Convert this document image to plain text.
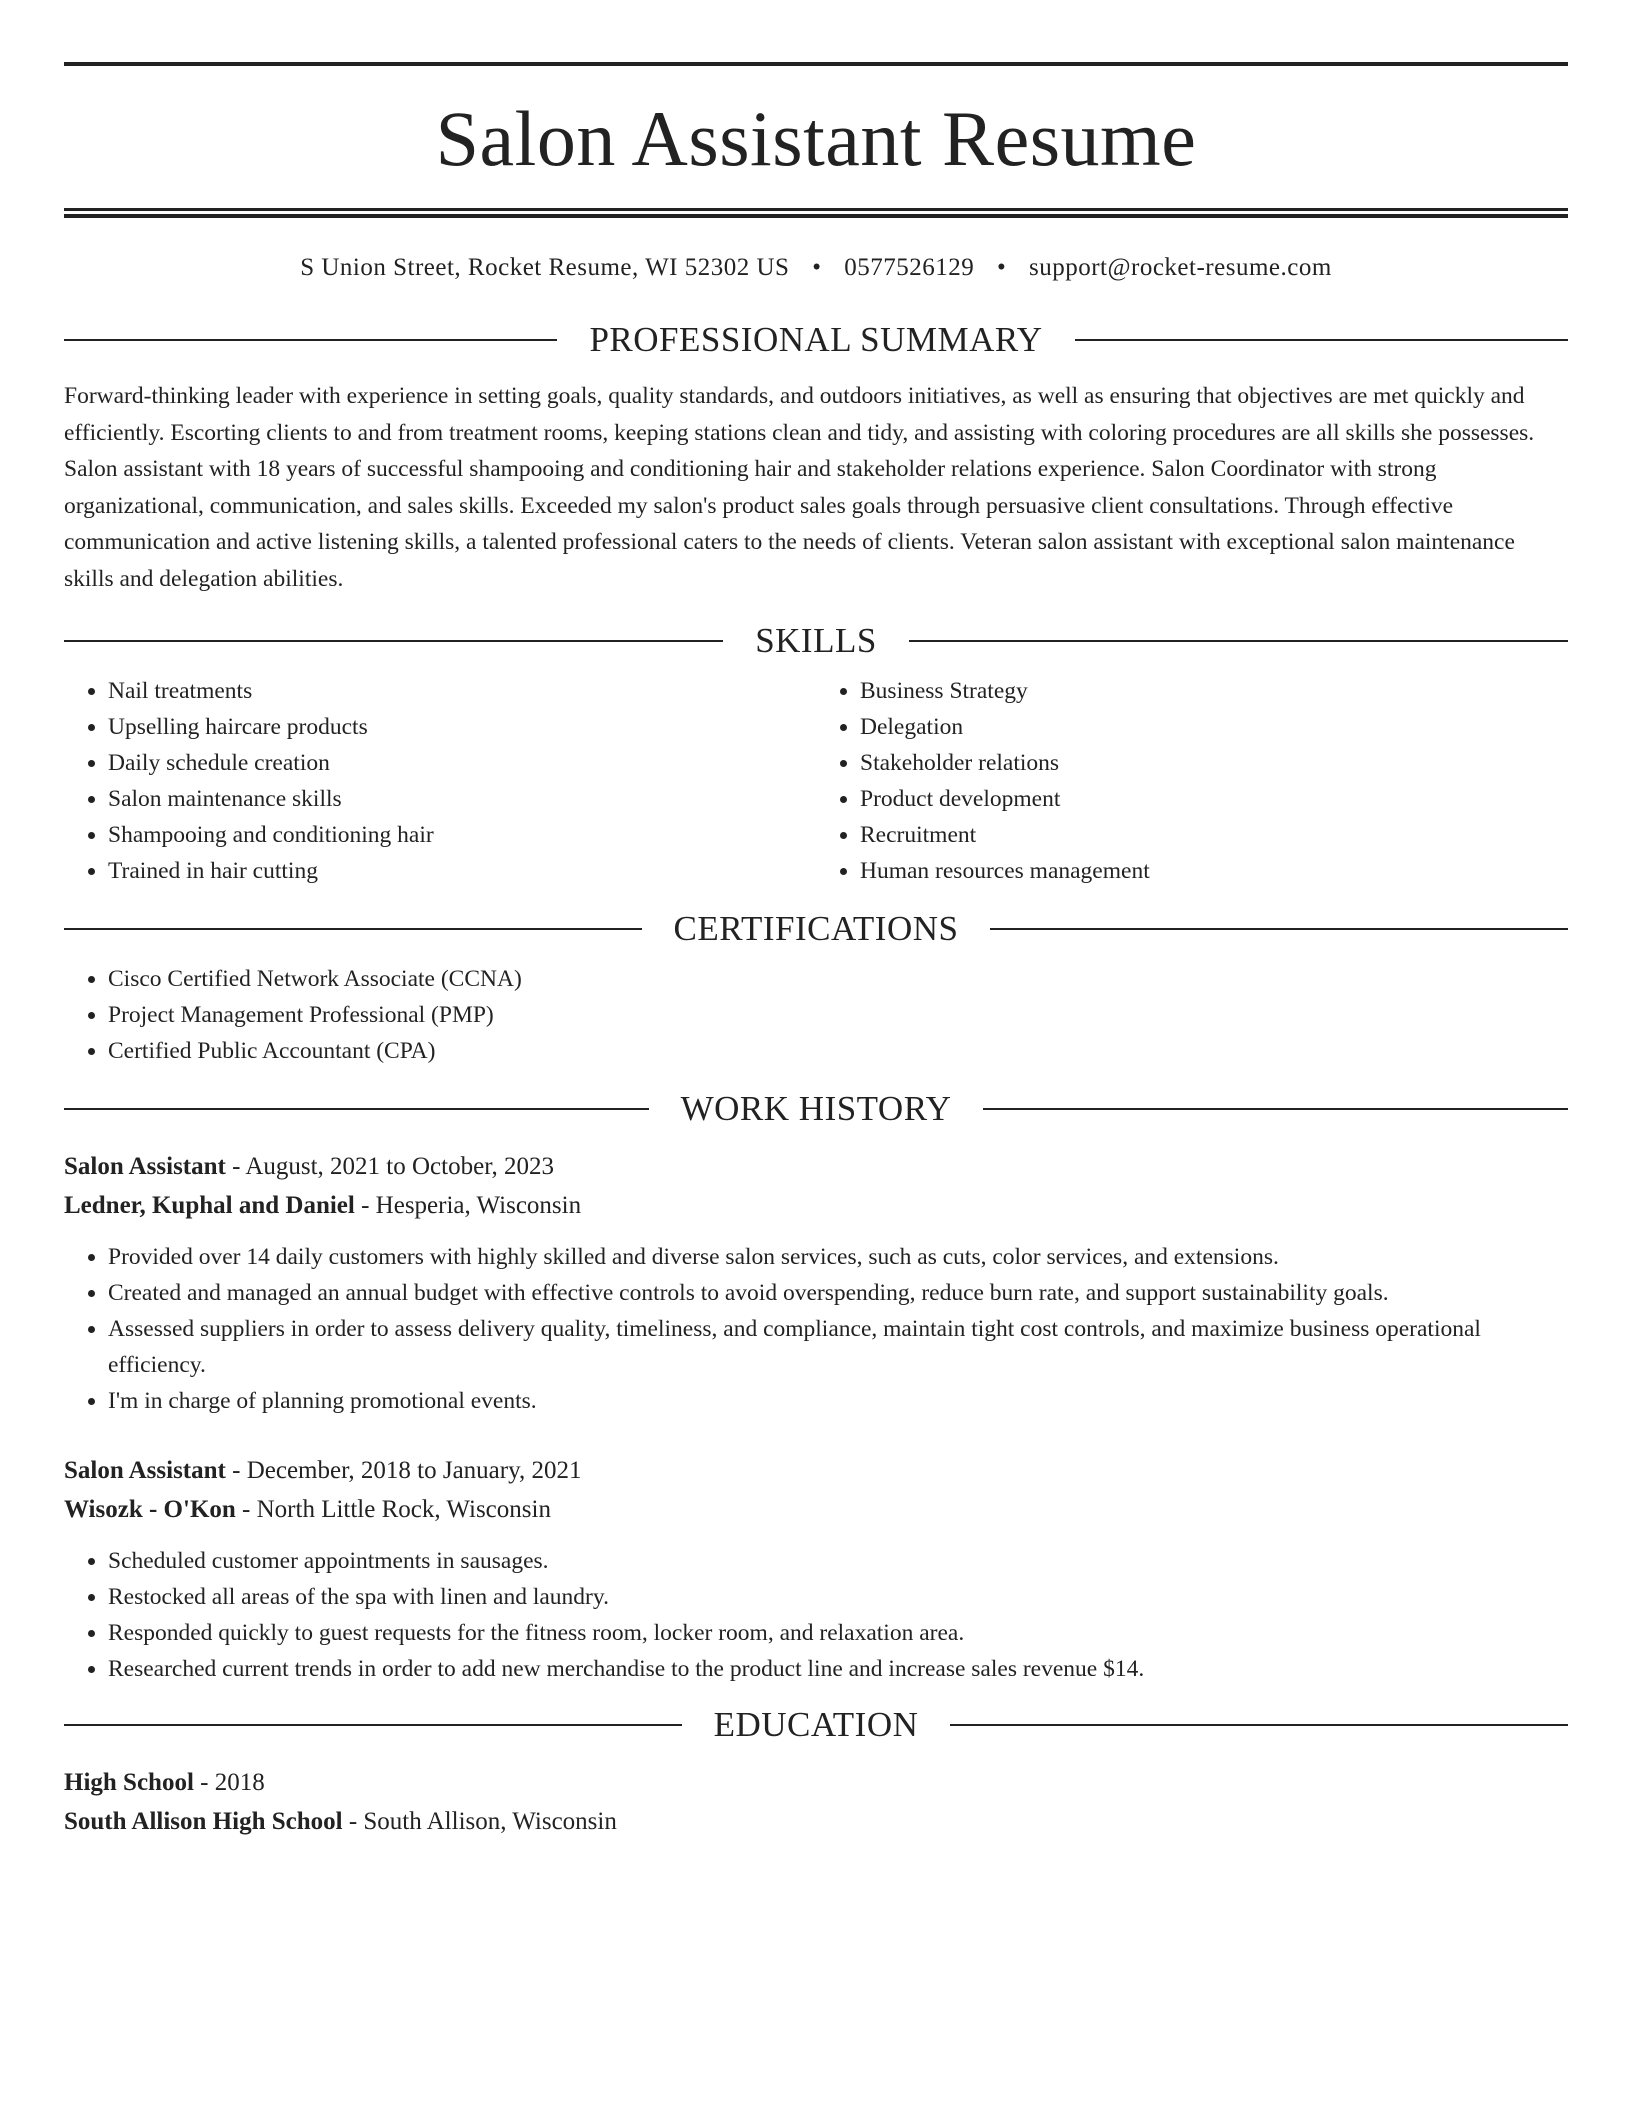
Salon Assistant Resume
S Union Street, Rocket Resume, WI 52302 US • 0577526129 • support@rocket-resume.com
PROFESSIONAL SUMMARY

Forward-thinking leader with experience in setting goals, quality standards, and outdoors initiatives, as well as ensuring that objectives are met quickly and efficiently. Escorting clients to and from treatment rooms, keeping stations clean and tidy, and assisting with coloring procedures are all skills she possesses. Salon assistant with 18 years of successful shampooing and conditioning hair and stakeholder relations experience. Salon Coordinator with strong organizational, communication, and sales skills. Exceeded my salon's product sales goals through persuasive client consultations. Through effective communication and active listening skills, a talented professional caters to the needs of clients. Veteran salon assistant with exceptional salon maintenance skills and delegation abilities.

SKILLS
• Nail treatments
• Upselling haircare products
• Daily schedule creation
• Salon maintenance skills
• Shampooing and conditioning hair
• Trained in hair cutting
• Business Strategy
• Delegation
• Stakeholder relations
• Product development
• Recruitment
• Human resources management
CERTIFICATIONS
• Cisco Certified Network Associate (CCNA)
• Project Management Professional (PMP)
• Certified Public Accountant (CPA)
WORK HISTORY
Salon Assistant - August, 2021 to October, 2023
Ledner, Kuphal and Daniel - Hesperia, Wisconsin
• Provided over 14 daily customers with highly skilled and diverse salon services, such as cuts, color services, and extensions.
• Created and managed an annual budget with effective controls to avoid overspending, reduce burn rate, and support sustainability goals.
• Assessed suppliers in order to assess delivery quality, timeliness, and compliance, maintain tight cost controls, and maximize business operational efficiency.
• I'm in charge of planning promotional events.
Salon Assistant - December, 2018 to January, 2021
Wisozk - O'Kon - North Little Rock, Wisconsin
• Scheduled customer appointments in sausages.
• Restocked all areas of the spa with linen and laundry.
• Responded quickly to guest requests for the fitness room, locker room, and relaxation area.
• Researched current trends in order to add new merchandise to the product line and increase sales revenue $14.
EDUCATION
High School - 2018
South Allison High School - South Allison, Wisconsin
